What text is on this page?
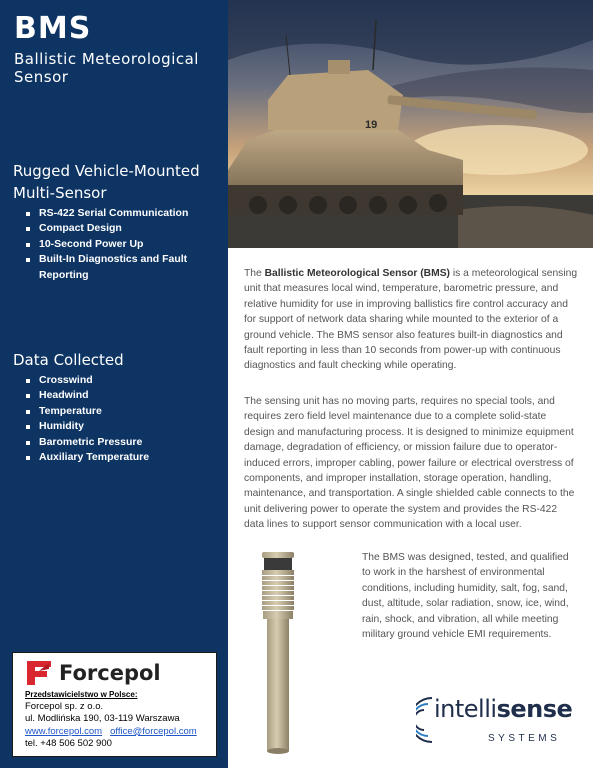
BMS
Ballistic Meteorological Sensor
Rugged Vehicle-Mounted Multi-Sensor
RS-422 Serial Communication
Compact Design
10-Second Power Up
Built-In Diagnostics and Fault Reporting
Data Collected
Crosswind
Headwind
Temperature
Humidity
Barometric Pressure
Auxiliary Temperature
Forcepol
Przedstawicielstwo w Polsce:
Forcepol sp. z o.o.
ul. Modlińska 190, 03-119 Warszawa
www.forcepol.com office@forcepol.com
tel. +48 506 502 900
19

The Ballistic Meteorological Sensor (BMS) is a meteorological sensing unit that measures local wind, temperature, barometric pressure, and relative humidity for use in improving ballistics fire control accuracy and for support of network data sharing while mounted to the exterior of a ground vehicle. The BMS sensor also features built-in diagnostics and fault reporting in less than 10 seconds from power-up with continuous diagnostics and fault checking while operating.

The sensing unit has no moving parts, requires no special tools, and requires zero field level maintenance due to a complete solid-state design and manufacturing process. It is designed to minimize equipment damage, degradation of efficiency, or mission failure due to operator-induced errors, improper cabling, power failure or electrical overstress of components, and improper installation, storage operation, handling, maintenance, and transportation. A single shielded cable connects to the unit delivering power to operate the system and provides the RS-422 data lines to support sensor communication with a local user.

The BMS was designed, tested, and qualified to work in the harshest of environmental conditions, including humidity, salt, fog, sand, dust, altitude, solar radiation, snow, ice, wind, rain, shock, and vibration, all while meeting military ground vehicle EMI requirements.

intellisense
SYSTEMS
